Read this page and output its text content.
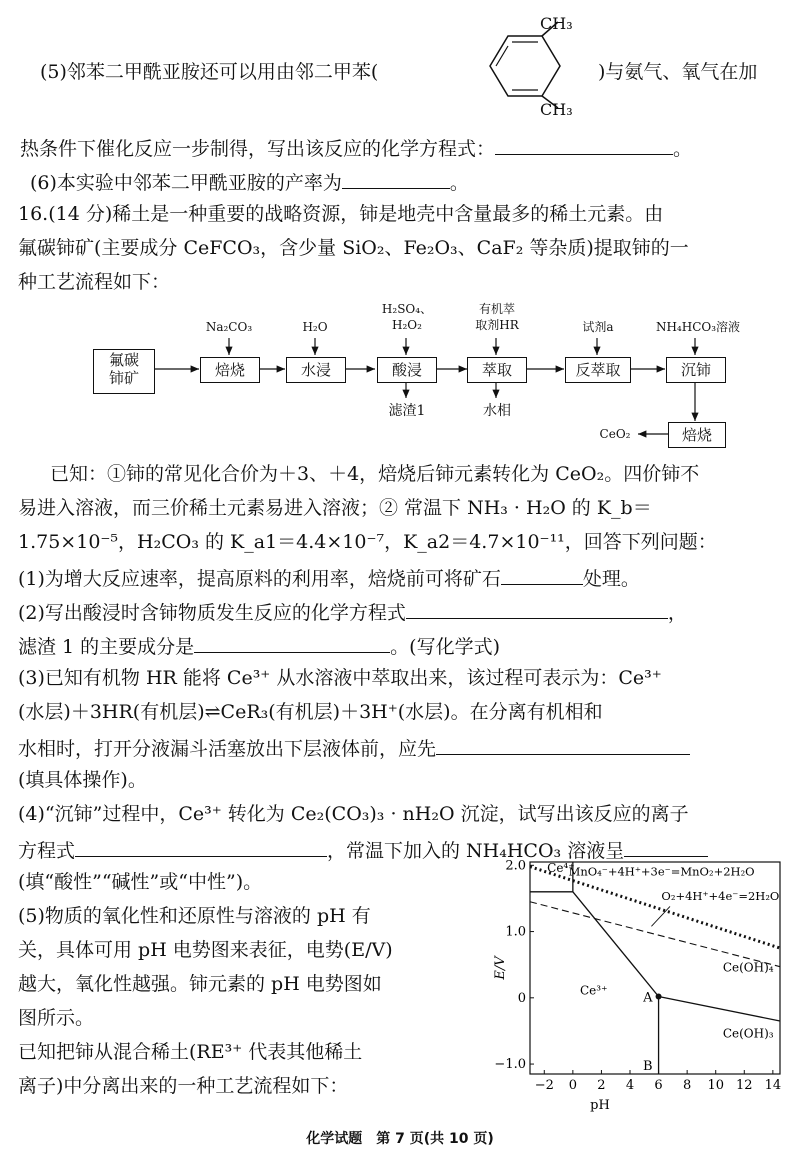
(5)邻苯二甲酰亚胺还可以用由邻二甲苯(
CH₃
CH₃
)与氨气、氧气在加
热条件下催化反应一步制得，写出该反应的化学方程式：	。
(6)本实验中邻苯二甲酰亚胺的产率为	。
16.(14 分)稀土是一种重要的战略资源，铈是地壳中含量最多的稀土元素。由
氟碳铈矿(主要成分 CeFCO₃，含少量 SiO₂、Fe₂O₃、CaF₂ 等杂质)提取铈的一
种工艺流程如下：
氟碳
铈矿	焙烧	水浸	酸浸	萃取	反萃取	沉铈
焙烧
Na₂CO₃	H₂O
H₂SO₄、
H₂O₂
有机萃
取剂HR	试剂a	NH₄HCO₃溶液
滤渣1	水相
CeO₂
已知：①铈的常见化合价为＋3、＋4，焙烧后铈元素转化为 CeO₂。四价铈不
易进入溶液，而三价稀土元素易进入溶液；② 常温下 NH₃ · H₂O 的 K_b＝
1.75×10⁻⁵，H₂CO₃ 的 K_a1＝4.4×10⁻⁷，K_a2＝4.7×10⁻¹¹，回答下列问题：
(1)为增大反应速率，提高原料的利用率，焙烧前可将矿石	处理。
(2)写出酸浸时含铈物质发生反应的化学方程式	，
滤渣 1 的主要成分是	。(写化学式)
(3)已知有机物 HR 能将 Ce³⁺ 从水溶液中萃取出来，该过程可表示为：Ce³⁺
(水层)＋3HR(有机层)⇌CeR₃(有机层)＋3H⁺(水层)。在分离有机相和
水相时，打开分液漏斗活塞放出下层液体前，应先
(填具体操作)。
(4)“沉铈”过程中，Ce³⁺ 转化为 Ce₂(CO₃)₃ · nH₂O 沉淀，试写出该反应的离子
方程式	，常温下加入的 NH₄HCO₃ 溶液呈
(填“酸性”“碱性”或“中性”)。
(5)物质的氧化性和还原性与溶液的 pH 有
关，具体可用 pH 电势图来表征，电势(E/V)
越大，氧化性越强。铈元素的 pH 电势图如
图所示。
已知把铈从混合稀土(RE³⁺ 代表其他稀土
离子)中分离出来的一种工艺流程如下：	−2 0 2 4 6 8 10 12 14
−1.0
0
1.0
2.0
pH
E/V
A
B
Ce⁴⁺
Ce³⁺
Ce(OH)₄
Ce(OH)₃
MnO₄⁻+4H⁺+3e⁻=MnO₂+2H₂O
O₂+4H⁺+4e⁻=2H₂O
化学试题　第 7 页(共 10 页)
